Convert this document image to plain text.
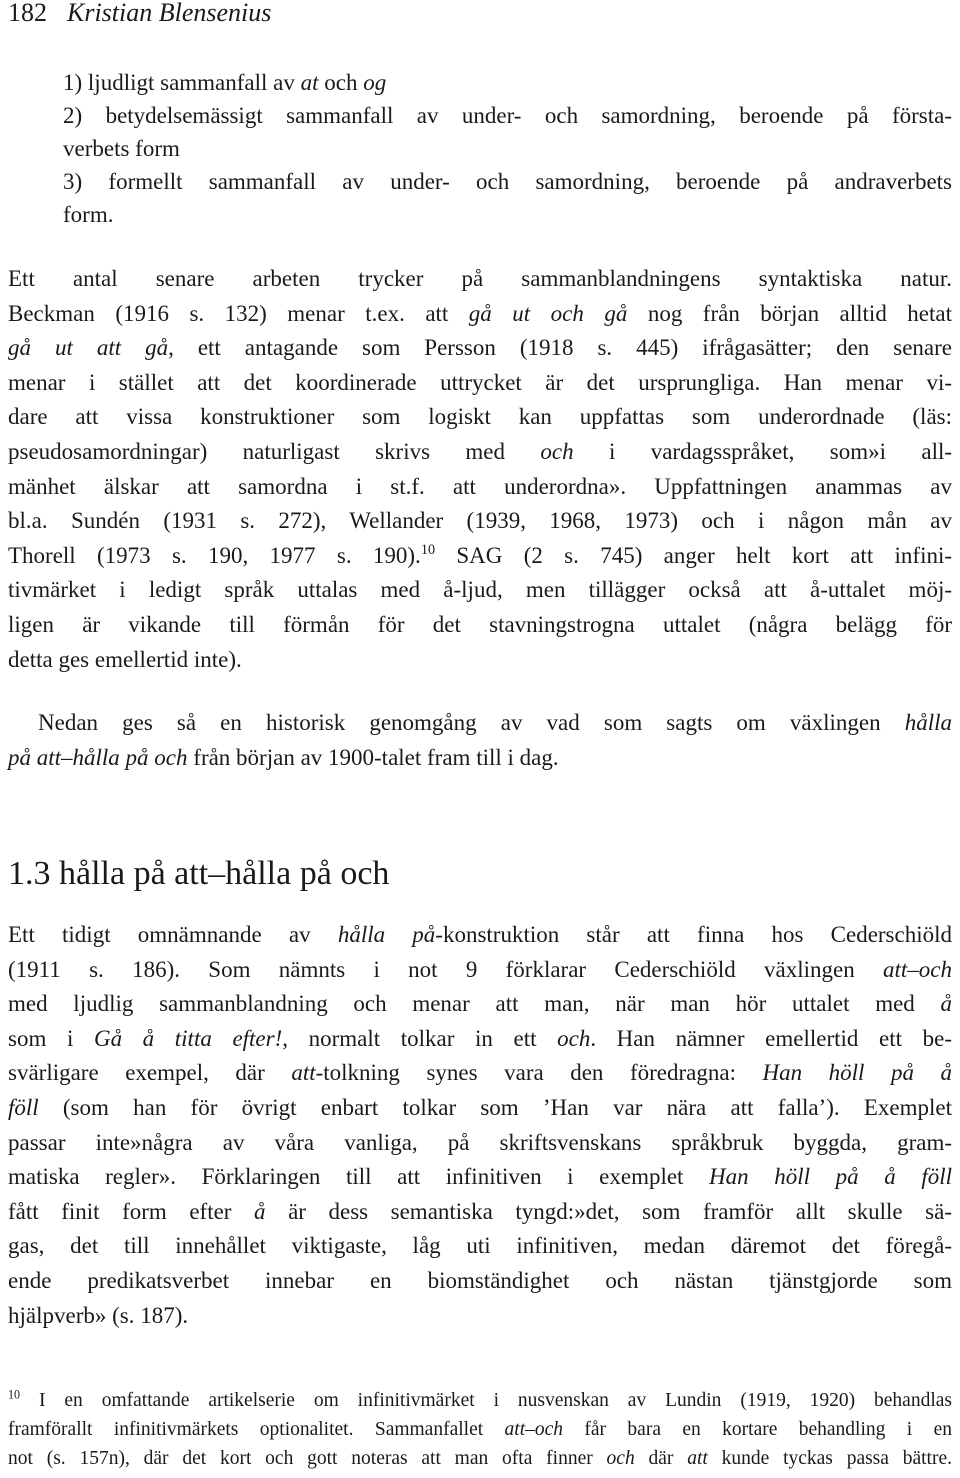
182 Kristian Blensenius
1) ljudligt sammanfall av at och og
2) betydelsemässigt sammanfall av under- och samordning, beroende på första-
verbets form
3) formellt sammanfall av under- och samordning, beroende på andraverbets
form.
Ett antal senare arbeten trycker på sammanblandningens syntaktiska natur.
Beckman (1916 s. 132) menar t.ex. att gå ut och gå nog från början alltid hetat
gå ut att gå, ett antagande som Persson (1918 s. 445) ifrågasätter; den senare
menar i stället att det koordinerade uttrycket är det ursprungliga. Han menar vi-
dare att vissa konstruktioner som logiskt kan uppfattas som underordnade (läs:
pseudosamordningar) naturligast skrivs med och i vardagsspråket, som»i all-
mänhet älskar att samordna i st.f. att underordna». Uppfattningen anammas av
bl.a. Sundén (1931 s. 272), Wellander (1939, 1968, 1973) och i någon mån av
Thorell (1973 s. 190, 1977 s. 190).$^{10}$ SAG (2 s. 745) anger helt kort att infini-
tivmärket i ledigt språk uttalas med å-ljud, men tillägger också att å-uttalet möj-
ligen är vikande till förmån för det stavningstrogna uttalet (några belägg för
detta ges emellertid inte).
Nedan ges så en historisk genomgång av vad som sagts om växlingen hålla
på att–hålla på och från början av 1900-talet fram till i dag.
1.3 hålla på att–hålla på och
Ett tidigt omnämnande av hålla på-konstruktion står att finna hos Cederschiöld
(1911 s. 186). Som nämnts i not 9 förklarar Cederschiöld växlingen att–och
med ljudlig sammanblandning och menar att man, när man hör uttalet med å
som i Gå å titta efter!, normalt tolkar in ett och. Han nämner emellertid ett be-
svärligare exempel, där att-tolkning synes vara den föredragna: Han höll på å
föll (som han för övrigt enbart tolkar som ’Han var nära att falla’). Exemplet
passar inte»några av våra vanliga, på skriftsvenskans språkbruk byggda, gram-
matiska regler». Förklaringen till att infinitiven i exemplet Han höll på å föll
fått finit form efter å är dess semantiska tyngd:»det, som framför allt skulle sä-
gas, det till innehållet viktigaste, låg uti infinitiven, medan däremot det föregå-
ende predikatsverbet innebar en biomständighet och nästan tjänstgjorde som
hjälpverb» (s. 187).
$^{10}$ I en omfattande artikelserie om infinitivmärket i nusvenskan av Lundin (1919, 1920) behandlas
framförallt infinitivmärkets optionalitet. Sammanfallet att–och får bara en kortare behandling i en
not (s. 157n), där det kort och gott noteras att man ofta finner och där att kunde tyckas passa bättre.
